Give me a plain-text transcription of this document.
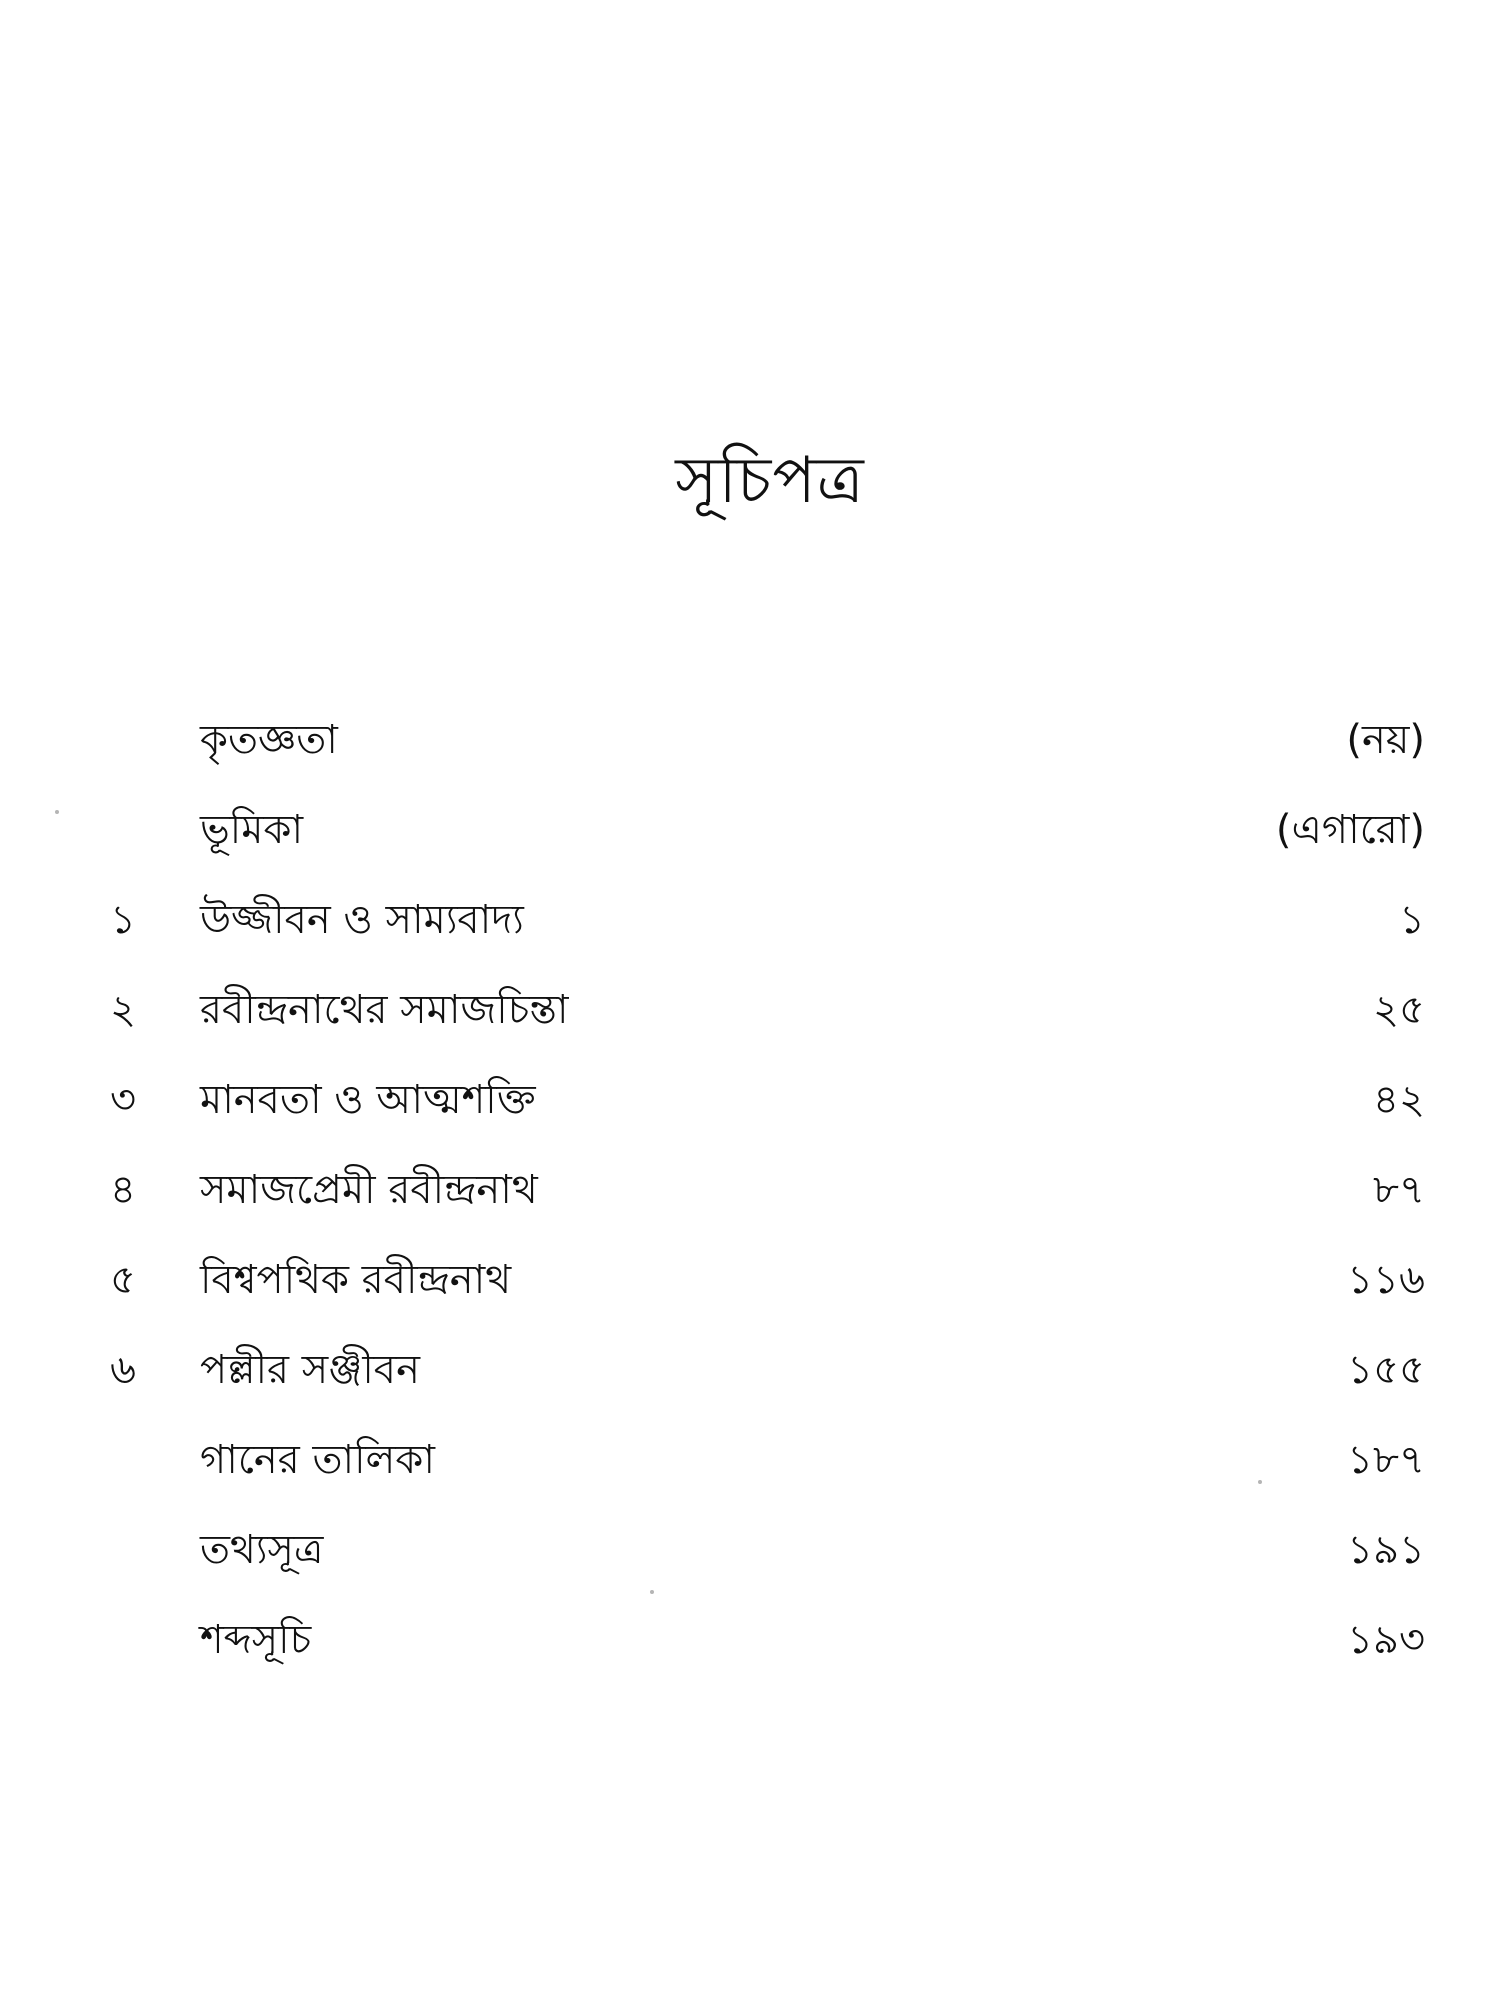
সূচিপত্র
কৃতজ্ঞতা	(নয়)
ভূমিকা	(এগারো)
১	উজ্জীবন ও সাম্যবাদ্য	১
২	রবীন্দ্রনাথের সমাজচিন্তা	২৫
৩	মানবতা ও আত্মশক্তি	৪২
৪	সমাজপ্রেমী রবীন্দ্রনাথ	৮৭
৫	বিশ্বপথিক রবীন্দ্রনাথ	১১৬
৬	পল্লীর সঞ্জীবন	১৫৫
গানের তালিকা	১৮৭
তথ্যসূত্র	১৯১
শব্দসূচি	১৯৩
